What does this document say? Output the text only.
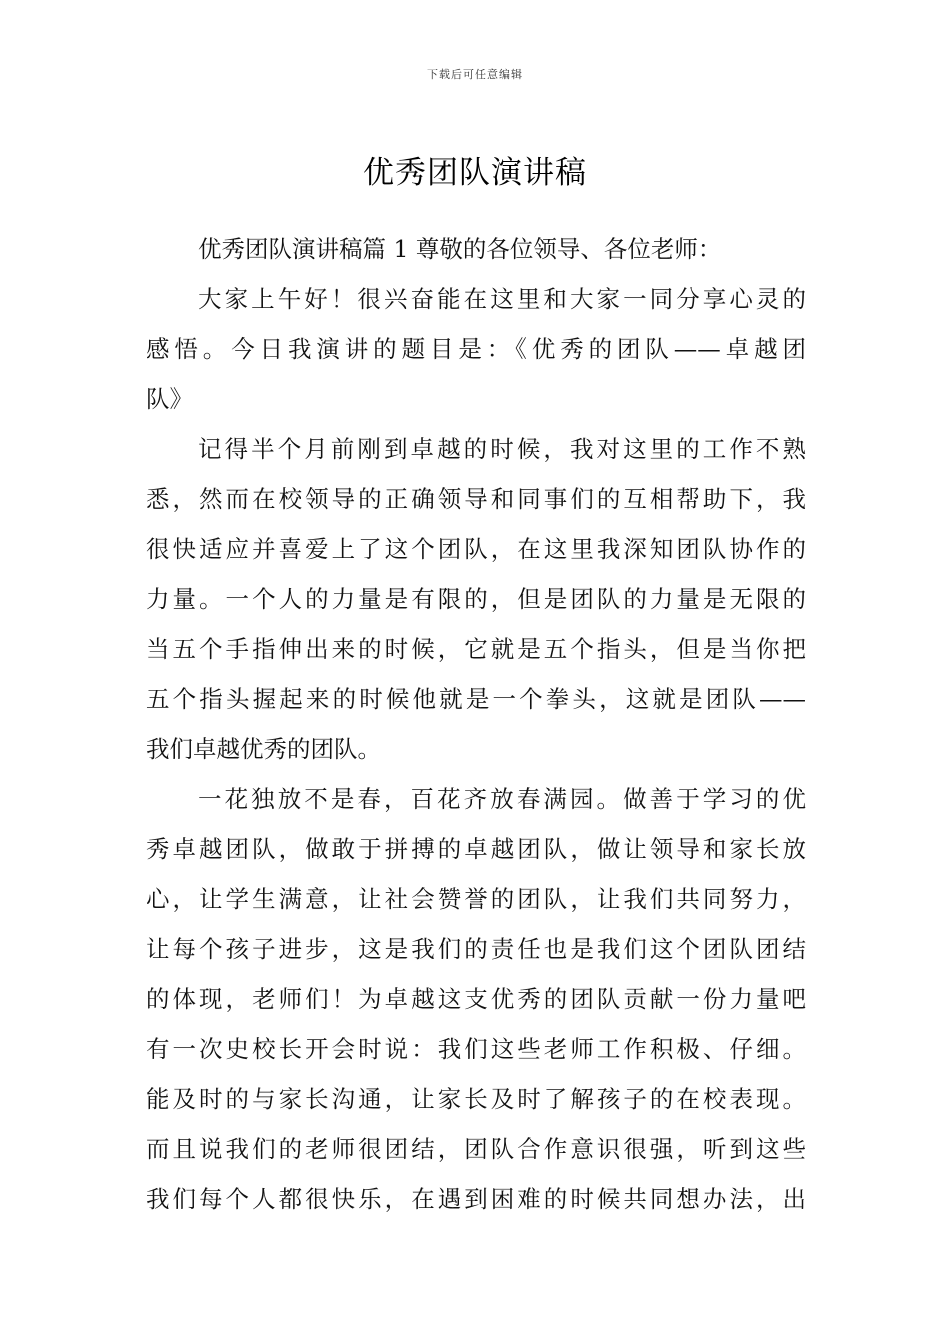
下载后可任意编辑
优秀团队演讲稿
优秀团队演讲稿篇 1 尊敬的各位领导、各位老师：
大家上午好！很兴奋能在这里和大家一同分享心灵的
感悟。今日我演讲的题目是：《优秀的团队——卓越团
队》
记得半个月前刚到卓越的时候，我对这里的工作不熟
悉，然而在校领导的正确领导和同事们的互相帮助下，我
很快适应并喜爱上了这个团队，在这里我深知团队协作的
力量。一个人的力量是有限的，但是团队的力量是无限的
当五个手指伸出来的时候，它就是五个指头，但是当你把
五个指头握起来的时候他就是一个拳头，这就是团队——
我们卓越优秀的团队。
一花独放不是春，百花齐放春满园。做善于学习的优
秀卓越团队，做敢于拼搏的卓越团队，做让领导和家长放
心，让学生满意，让社会赞誉的团队，让我们共同努力，
让每个孩子进步，这是我们的责任也是我们这个团队团结
的体现，老师们！为卓越这支优秀的团队贡献一份力量吧
有一次史校长开会时说：我们这些老师工作积极、仔细。
能及时的与家长沟通，让家长及时了解孩子的在校表现。
而且说我们的老师很团结，团队合作意识很强，听到这些
我们每个人都很快乐，在遇到困难的时候共同想办法，出
